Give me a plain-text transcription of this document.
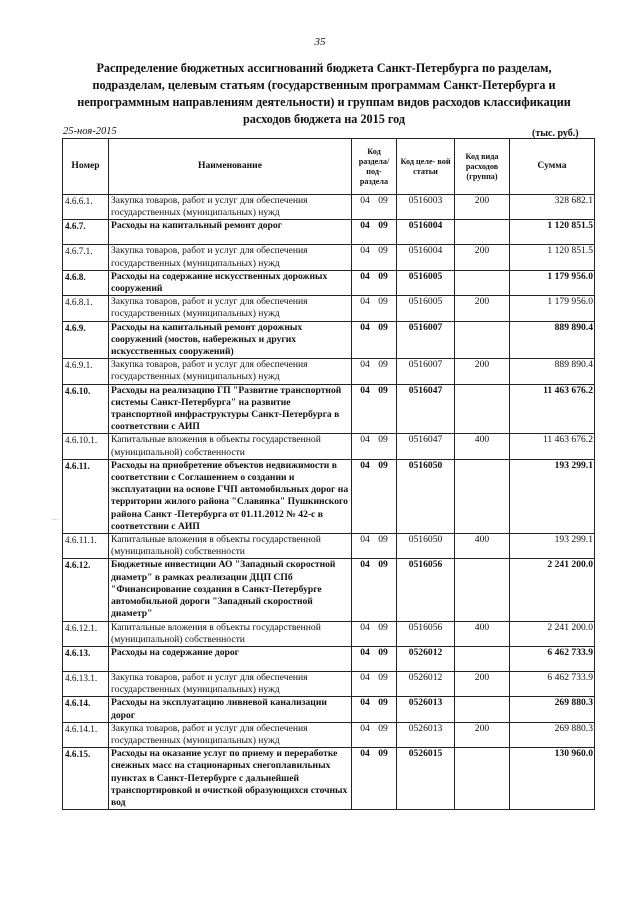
35
Распределение бюджетных ассигнований бюджета Санкт-Петербурга по разделам, подразделам, целевым статьям (государственным программам Санкт-Петербурга и непрограммным направлениям деятельности) и группам видов расходов классификации расходов бюджета на 2015 год
25-ноя-2015	(тыс. руб.)
…
Номер	Наименование	Код раздела/ под- раздела	Код целе- вой статьи	Код вида расходов (группа)	Сумма
4.6.6.1.	Закупка товаров, работ и услуг для обеспечения государственных (муниципальных) нужд	04 09	0516003	200	328 682.1
4.6.7.	Расходы на капитальный ремонт дорог	04 09	0516004		1 120 851.5
4.6.7.1.	Закупка товаров, работ и услуг для обеспечения государственных (муниципальных) нужд	04 09	0516004	200	1 120 851.5
4.6.8.	Расходы на содержание искусственных дорожных сооружений	04 09	0516005		1 179 956.0
4.6.8.1.	Закупка товаров, работ и услуг для обеспечения государственных (муниципальных) нужд	04 09	0516005	200	1 179 956.0
4.6.9.	Расходы на капитальный ремонт дорожных сооружений (мостов, набережных и других искусственных сооружений)	04 09	0516007		889 890.4
4.6.9.1.	Закупка товаров, работ и услуг для обеспечения государственных (муниципальных) нужд	04 09	0516007	200	889 890.4
4.6.10.	Расходы на реализацию ГП "Развитие транспортной системы Санкт-Петербурга" на развитие транспортной инфраструктуры Санкт-Петербурга в соответствии с АИП	04 09	0516047		11 463 676.2
4.6.10.1.	Капитальные вложения в объекты государственной (муниципальной) собственности	04 09	0516047	400	11 463 676.2
4.6.11.	Расходы на приобретение объектов недвижимости в соответствии с Соглашением о создании и эксплуатации на основе ГЧП автомобильных дорог на территории жилого района "Славянка" Пушкинского района Санкт -Петербурга от 01.11.2012 № 42-с в соответствии с АИП	04 09	0516050		193 299.1
4.6.11.1.	Капитальные вложения в объекты государственной (муниципальной) собственности	04 09	0516050	400	193 299.1
4.6.12.	Бюджетные инвестиции АО "Западный скоростной диаметр" в рамках реализации ДЦП СПб "Финансирование создания в Санкт-Петербурге автомобильной дороги "Западный скоростной диаметр"	04 09	0516056		2 241 200.0
4.6.12.1.	Капитальные вложения в объекты государственной (муниципальной) собственности	04 09	0516056	400	2 241 200.0
4.6.13.	Расходы на содержание дорог	04 09	0526012		6 462 733.9
4.6.13.1.	Закупка товаров, работ и услуг для обеспечения государственных (муниципальных) нужд	04 09	0526012	200	6 462 733.9
4.6.14.	Расходы на эксплуатацию ливневой канализации дорог	04 09	0526013		269 880.3
4.6.14.1.	Закупка товаров, работ и услуг для обеспечения государственных (муниципальных) нужд	04 09	0526013	200	269 880.3
4.6.15.	Расходы на оказание услуг по приему и переработке снежных масс на стационарных снегоплавильных пунктах в Санкт-Петербурге с дальнейшей транспортировкой и очисткой образующихся сточных вод	04 09	0526015		130 960.0
